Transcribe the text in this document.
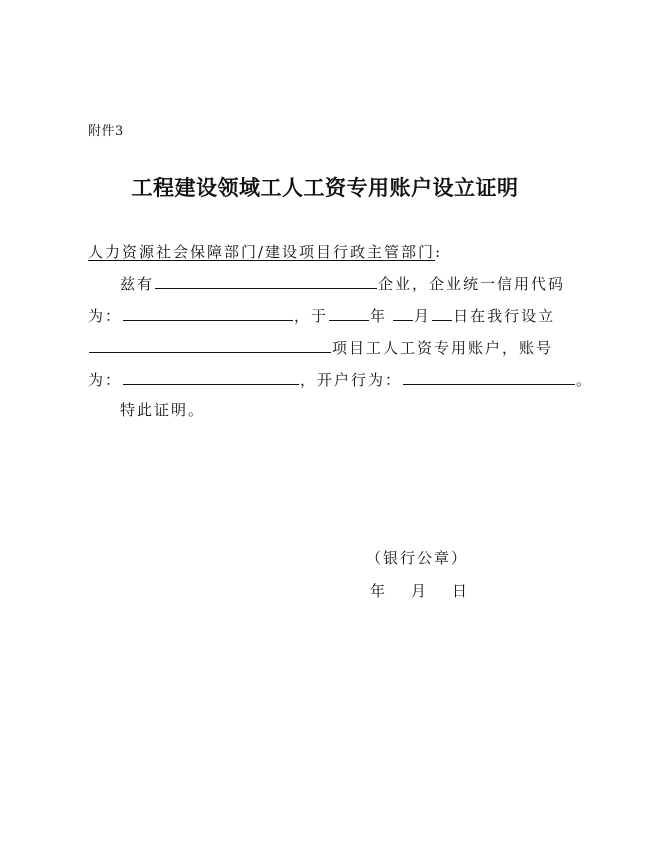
附件3
工程建设领域工人工资专用账户设立证明
人力资源社会保障部门/建设项目行政主管部门:
兹有	企业，企业统一信用代码
为：	，于	年 月 日在我行设立
项目工人工资专用账户，账号
为：	，开户行为：	。
特此证明。
（银行公章）
年 月 日
